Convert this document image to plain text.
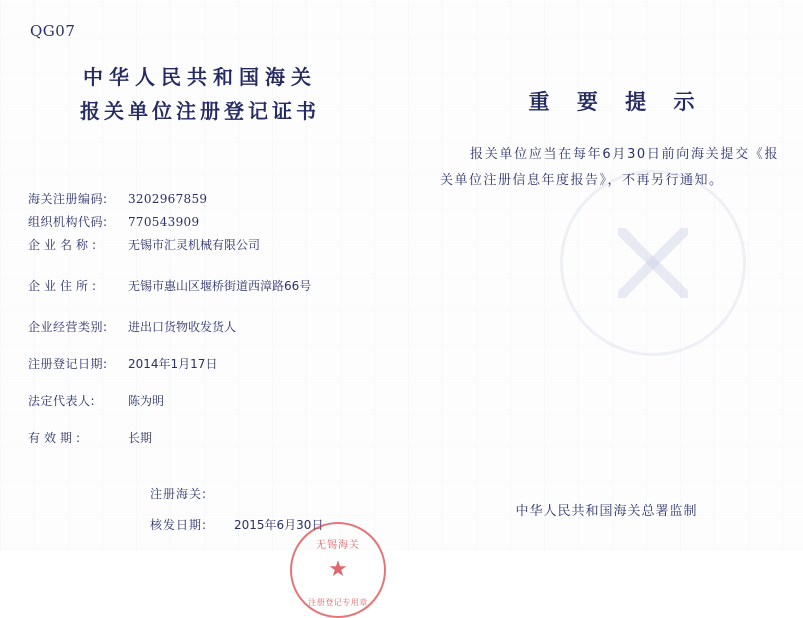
QG07
中华人民共和国海关
报关单位注册登记证书
海关注册编码:	3202967859
组织机构代码:	770543909
企业名称:	无锡市汇灵机械有限公司
企业住所:	无锡市惠山区堰桥街道西漳路66号
企业经营类别:	进出口货物收发货人
注册登记日期:	2014年1月17日
法定代表人:	陈为明
有效期:	长期
注册海关:
核发日期:	2015年6月30日
无锡海关
★
注册登记专用章
重 要 提 示
报关单位应当在每年6月30日前向海关提交《报关单位注册信息年度报告》，不再另行通知。
中华人民共和国海关总署监制
